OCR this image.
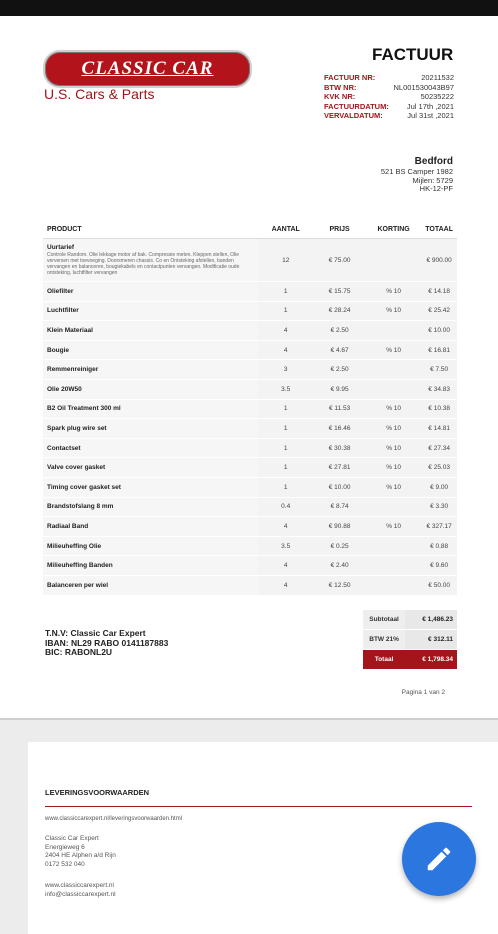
CLASSIC CAR EXPERT
U.S. Cars & Parts
FACTUUR
FACTUUR NR:	20211532
BTW NR:	NL001530043B97
KVK NR:	50235222
FACTUURDATUM: Jul 17th ,2021
VERVALDATUM:	Jul 31st ,2021
Bedford
521 BS Camper 1982
Mijlen: 5729
HK-12-PF
PRODUCT	AANTAL	PRIJS	KORTING	TOTAAL
Uurtarief
Controle Random. Olie lekkage motor af bak. Compressie meten. Kleppen stellen, Olie verversen met toevoeging. Doorsmeren chassis. Co en Ontsteking afstellen, banden vervangen en balanceren, bougiekabels en contactpunten vervangen. Modificatie oude ontsteking, luchtfilter vervangen	12	€ 75.00		€ 900.00
Oliefilter	1	€ 15.75	% 10	€ 14.18
Luchtfilter	1	€ 28.24	% 10	€ 25.42
Klein Materiaal	4	€ 2.50		€ 10.00
Bougie	4	€ 4.67	% 10	€ 16.81
Remmenreiniger	3	€ 2.50		€ 7.50
Olie 20W50	3.5	€ 9.95		€ 34.83
B2 Oil Treatment 300 ml	1	€ 11.53	% 10	€ 10.38
Spark plug wire set	1	€ 16.46	% 10	€ 14.81
Contactset	1	€ 30.38	% 10	€ 27.34
Valve cover gasket	1	€ 27.81	% 10	€ 25.03
Timing cover gasket set	1	€ 10.00	% 10	€ 9.00
Brandstofslang 8 mm	0.4	€ 8.74		€ 3.30
Radiaal Band	4	€ 90.88	% 10	€ 327.17
Milieuheffing Olie	3.5	€ 0.25		€ 0.88
Milieuheffing Banden	4	€ 2.40		€ 9.60
Balanceren per wiel	4	€ 12.50		€ 50.00
Subtotaal	€ 1,486.23
BTW 21%	€ 312.11
Totaal	€ 1,798.34
T.N.V: Classic Car Expert
IBAN: NL29 RABO 0141187883
BIC: RABONL2U
Pagina 1 van 2
LEVERINGSVOORWAARDEN
www.classiccarexpert.nl/leveringsvoorwaarden.html
Classic Car Expert
Energieweg 6
2404 HE Alphen a/d Rijn
0172 532 040
www.classiccarexpert.nl
info@classiccarexpert.nl
